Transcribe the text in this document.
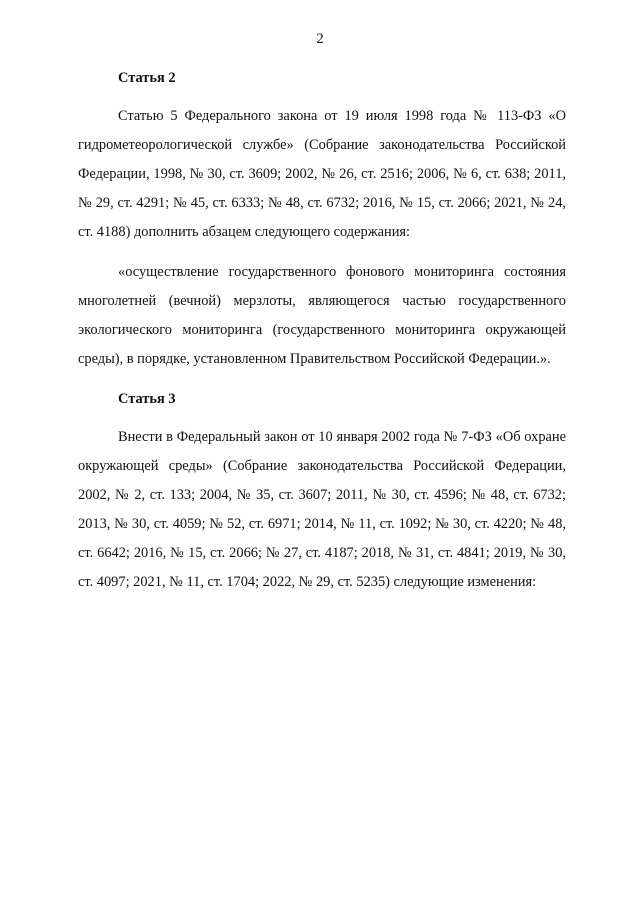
2

Статья 2

Статью 5 Федерального закона от 19 июля 1998 года № 113-ФЗ «О гидрометеорологической службе» (Собрание законодательства Российской Федерации, 1998, № 30, ст. 3609; 2002, № 26, ст. 2516; 2006, № 6, ст. 638; 2011, № 29, ст. 4291; № 45, ст. 6333; № 48, ст. 6732; 2016, № 15, ст. 2066; 2021, № 24, ст. 4188) дополнить абзацем следующего содержания:

«осуществление государственного фонового мониторинга состояния многолетней (вечной) мерзлоты, являющегося частью государственного экологического мониторинга (государственного мониторинга окружающей среды), в порядке, установленном Правительством Российской Федерации.».

Статья 3

Внести в Федеральный закон от 10 января 2002 года № 7-ФЗ «Об охране окружающей среды» (Собрание законодательства Российской Федерации, 2002, № 2, ст. 133; 2004, № 35, ст. 3607; 2011, № 30, ст. 4596; № 48, ст. 6732; 2013, № 30, ст. 4059; № 52, ст. 6971; 2014, № 11, ст. 1092; № 30, ст. 4220; № 48, ст. 6642; 2016, № 15, ст. 2066; № 27, ст. 4187; 2018, № 31, ст. 4841; 2019, № 30, ст. 4097; 2021, № 11, ст. 1704; 2022, № 29, ст. 5235) следующие изменения:
